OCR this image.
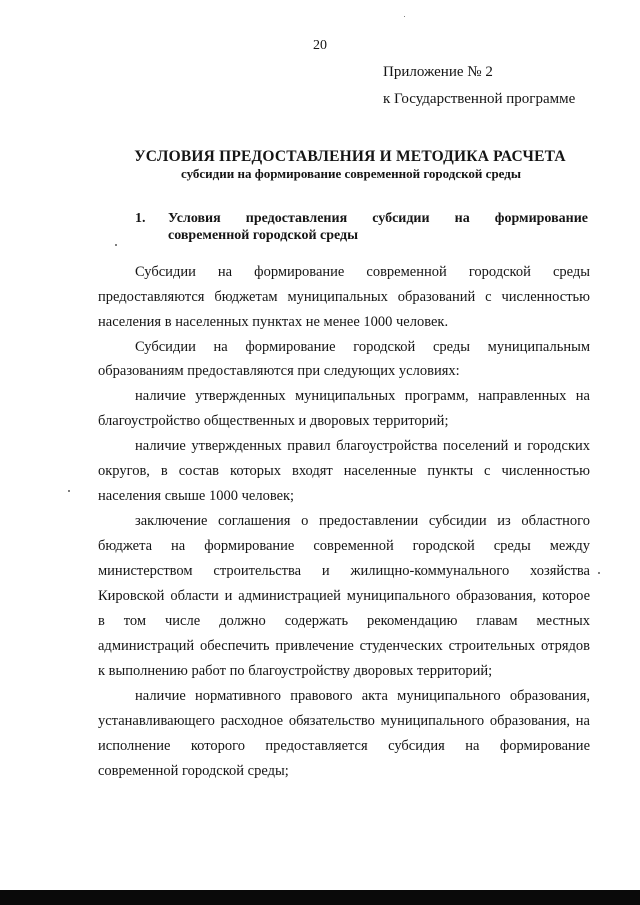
20
Приложение № 2
к Государственной программе
УСЛОВИЯ ПРЕДОСТАВЛЕНИЯ И МЕТОДИКА РАСЧЕТА
субсидии на формирование современной городской среды
1. Условия предоставления субсидии на формирование
современной городской среды
Субсидии на формирование современной городской среды
предоставляются бюджетам муниципальных образований с численностью
населения в населенных пунктах не менее 1000 человек.
Субсидии на формирование городской среды муниципальным
образованиям предоставляются при следующих условиях:
наличие утвержденных муниципальных программ, направленных на
благоустройство общественных и дворовых территорий;
наличие утвержденных правил благоустройства поселений и городских
округов, в состав которых входят населенные пункты с численностью
населения свыше 1000 человек;
заключение соглашения о предоставлении субсидии из областного
бюджета на формирование современной городской среды между
министерством строительства и жилищно-коммунального хозяйства
Кировской области и администрацией муниципального образования, которое
в том числе должно содержать рекомендацию главам местных
администраций обеспечить привлечение студенческих строительных отрядов
к выполнению работ по благоустройству дворовых территорий;
наличие нормативного правового акта муниципального образования,
устанавливающего расходное обязательство муниципального образования, на
исполнение которого предоставляется субсидия на формирование
современной городской среды;
